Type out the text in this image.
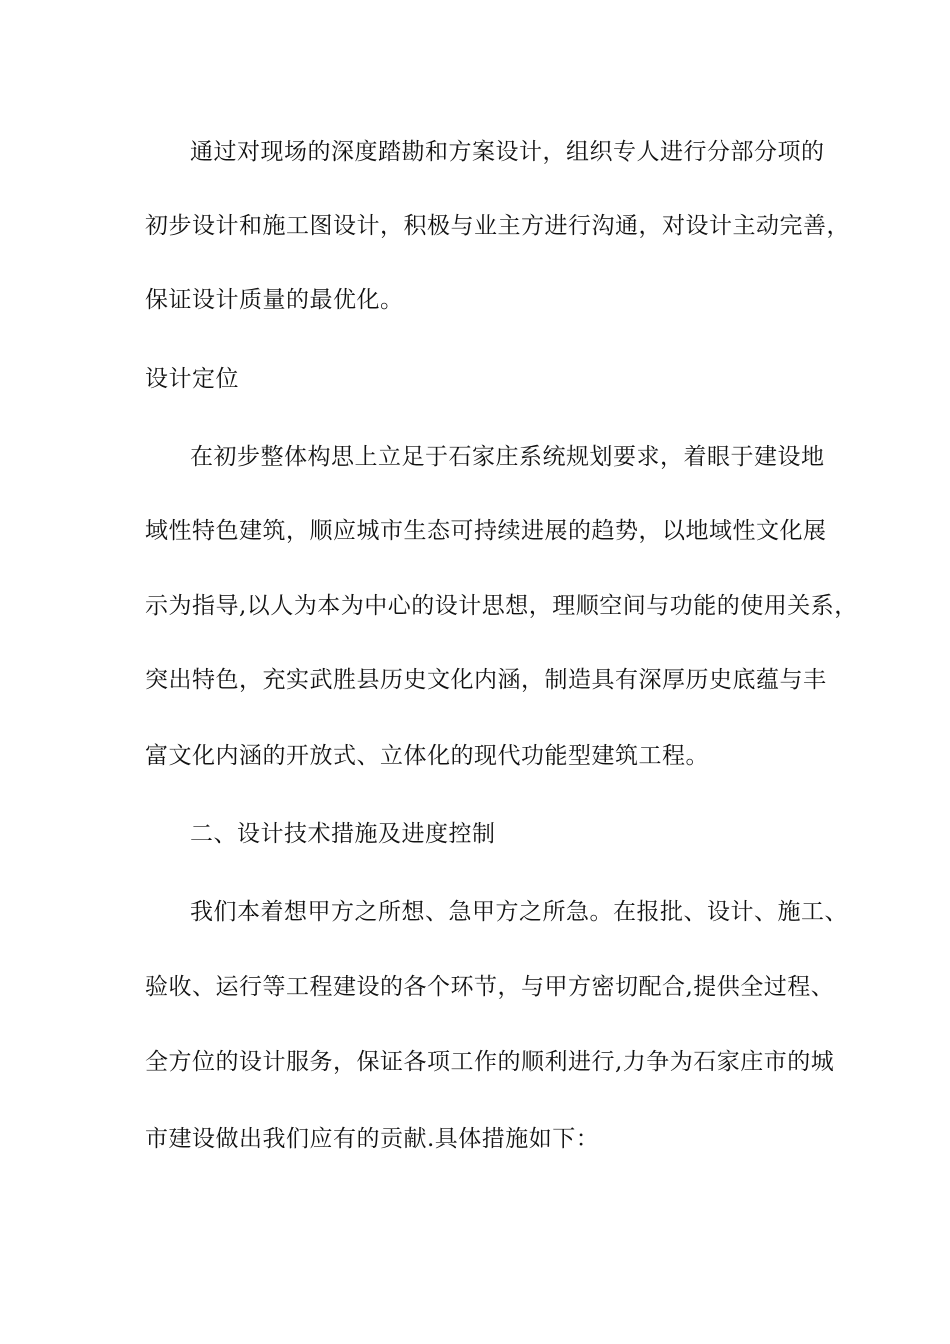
通过对现场的深度踏勘和方案设计，组织专人进行分部分项的
初步设计和施工图设计，积极与业主方进行沟通，对设计主动完善，
保证设计质量的最优化。
设计定位
在初步整体构思上立足于石家庄系统规划要求，着眼于建设地
域性特色建筑，顺应城市生态可持续进展的趋势，以地域性文化展
示为指导,以人为本为中心的设计思想，理顺空间与功能的使用关系，
突出特色，充实武胜县历史文化内涵，制造具有深厚历史底蕴与丰
富文化内涵的开放式、立体化的现代功能型建筑工程。
二、设计技术措施及进度控制
我们本着想甲方之所想、急甲方之所急。在报批、设计、施工、
验收、运行等工程建设的各个环节，与甲方密切配合,提供全过程、
全方位的设计服务，保证各项工作的顺利进行,力争为石家庄市的城
市建设做出我们应有的贡献.具体措施如下：
